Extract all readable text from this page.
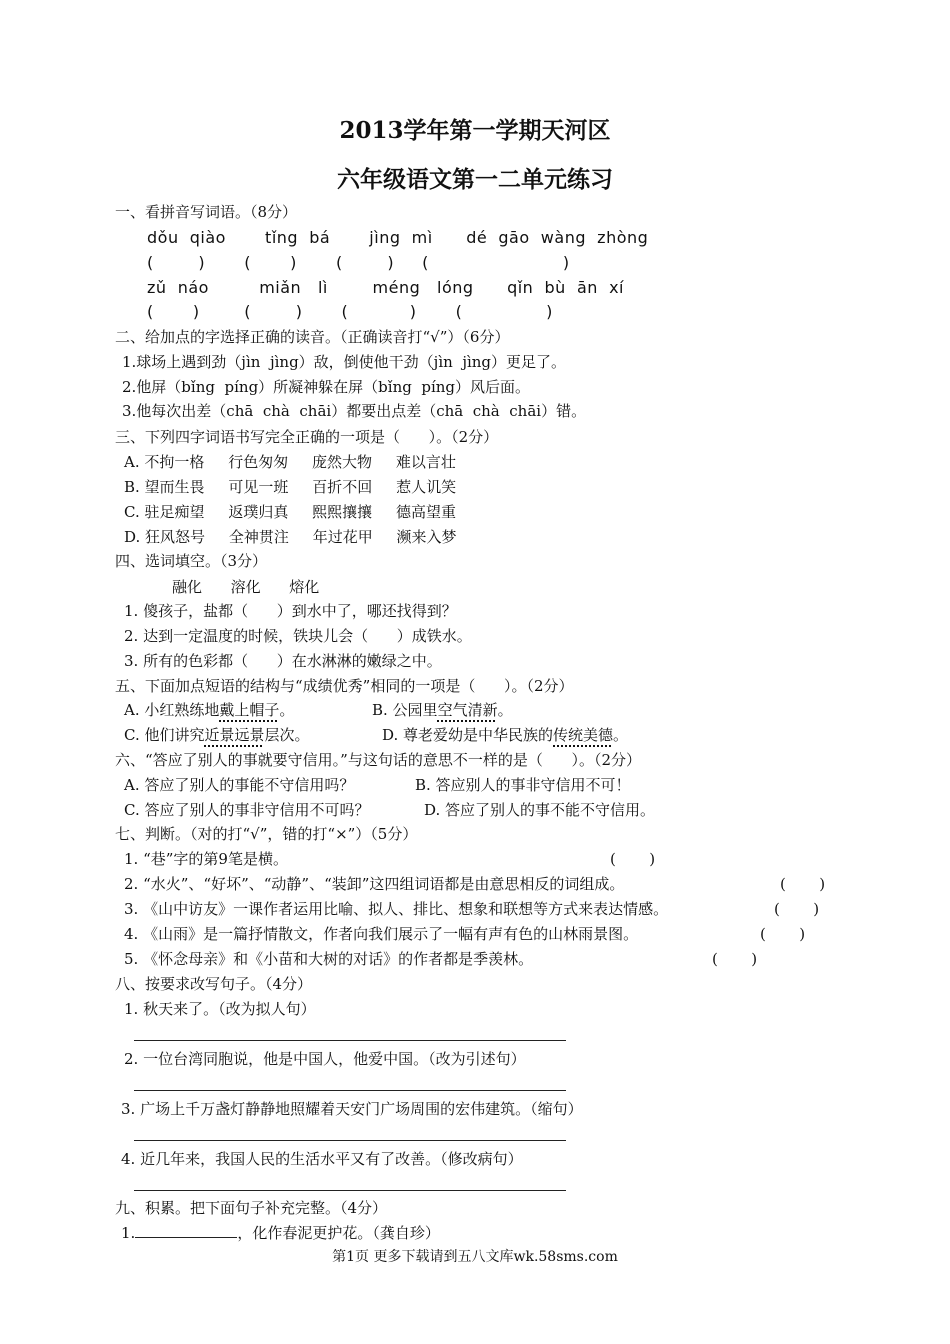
2013学年第一学期天河区
六年级语文第一二单元练习
一、看拼音写词语。（8分）
dǒu  qiào       tǐng  bá       jìng  mì      dé  gāo  wàng  zhòng
(        )       (       )       (        )     (                        )
zǔ  náo         miǎn   lì        méng   lóng      qǐn  bù  ān  xí
(       )        (        )       (           )       (               )
二、给加点的字选择正确的读音。（正确读音打“√”）（6分）
1.球场上遇到劲（jìn  jìng）敌，倒使他干劲（jìn  jìng）更足了。
2.他屏（bǐng  píng）所凝神躲在屏（bǐng  píng）风后面。
3.他每次出差（chā  chà  chāi）都要出点差（chā  chà  chāi）错。
三、下列四字词语书写完全正确的一项是（      ）。（2分）
A. 不拘一格     行色匆匆     庞然大物     难以言壮
B. 望而生畏     可见一班     百折不回     惹人讥笑
C. 驻足痴望     返璞归真     熙熙攘攘     德高望重
D. 狂风怒号     全神贯注     年过花甲     濒来入梦
四、选词填空。（3分）
融化      溶化      熔化
1. 傻孩子，盐都（      ）到水中了，哪还找得到？
2. 达到一定温度的时候，铁块儿会（      ）成铁水。
3. 所有的色彩都（      ）在水淋淋的嫩绿之中。
五、下面加点短语的结构与“成绩优秀”相同的一项是（      ）。（2分）
A. 小红熟练地戴上帽子。	B. 公园里空气清新。
C. 他们讲究近景远景层次。	D. 尊老爱幼是中华民族的传统美德。
六、“答应了别人的事就要守信用。”与这句话的意思不一样的是（      ）。（2分）
A. 答应了别人的事能不守信用吗？	B. 答应别人的事非守信用不可！
C. 答应了别人的事非守信用不可吗？	D. 答应了别人的事不能不守信用。
七、判断。（对的打“√”，错的打“×”）（5分）
1. “巷”字的第9笔是横。	(       )
2. “水火”、“好坏”、“动静”、“装卸”这四组词语都是由意思相反的词组成。	(       )
3. 《山中访友》一课作者运用比喻、拟人、排比、想象和联想等方式来表达情感。	(       )
4. 《山雨》是一篇抒情散文，作者向我们展示了一幅有声有色的山林雨景图。	(       )
5. 《怀念母亲》和《小苗和大树的对话》的作者都是季羡林。	(       )
八、按要求改写句子。（4分）
1. 秋天来了。（改为拟人句）
2. 一位台湾同胞说，他是中国人，他爱中国。（改为引述句）
3. 广场上千万盏灯静静地照耀着天安门广场周围的宏伟建筑。（缩句）
4. 近几年来，我国人民的生活水平又有了改善。（修改病句）
九、积累。把下面句子补充完整。（4分）
1.	，化作春泥更护花。（龚自珍）
第1页 更多下载请到五八文库wk.58sms.com
